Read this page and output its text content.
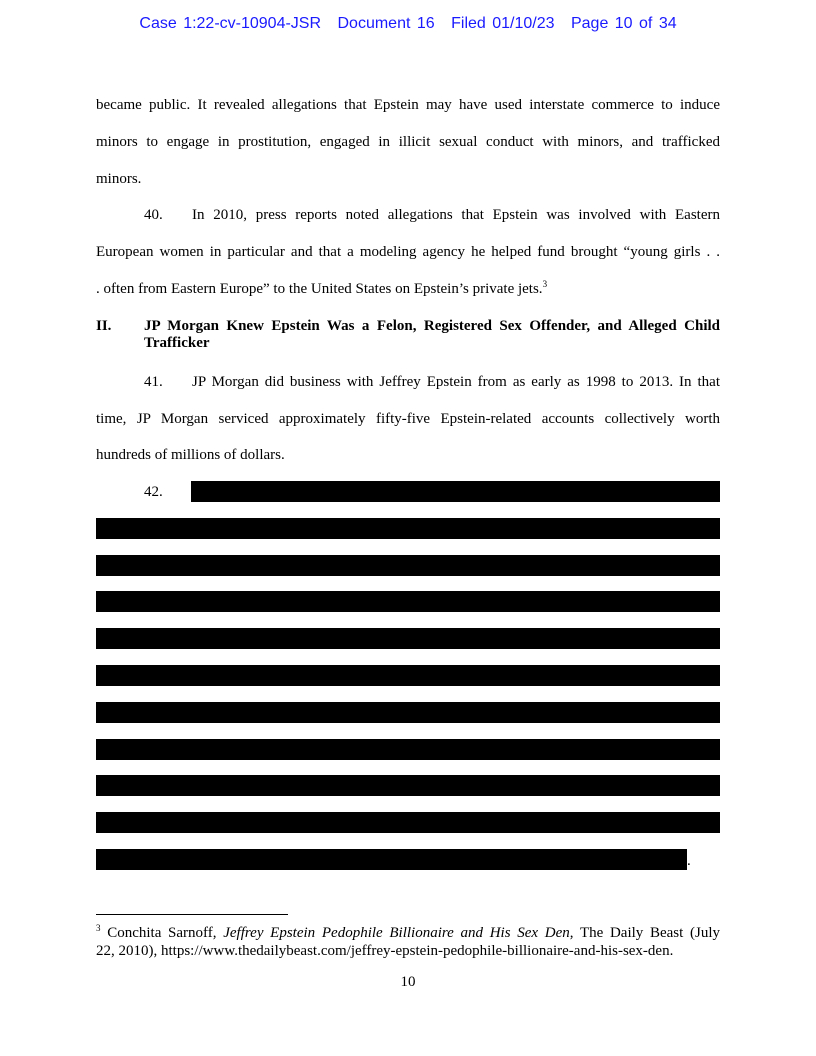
Case 1:22-cv-10904-JSR Document 16 Filed 01/10/23 Page 10 of 34
became public. It revealed allegations that Epstein may have used interstate commerce to induce
minors to engage in prostitution, engaged in illicit sexual conduct with minors, and trafficked
minors.
40. In 2010, press reports noted allegations that Epstein was involved with Eastern
European women in particular and that a modeling agency he helped fund brought “young girls . .
. often from Eastern Europe” to the United States on Epstein’s private jets.$^3$
II. JP Morgan Knew Epstein Was a Felon, Registered Sex Offender, and Alleged Child Trafficker
41. JP Morgan did business with Jeffrey Epstein from as early as 1998 to 2013. In that
time, JP Morgan serviced approximately fifty-five Epstein-related accounts collectively worth
hundreds of millions of dollars.
42.
.
$^3$ Conchita Sarnoff, Jeffrey Epstein Pedophile Billionaire and His Sex Den, The Daily Beast (July
22, 2010), https://www.thedailybeast.com/jeffrey-epstein-pedophile-billionaire-and-his-sex-den.
10
